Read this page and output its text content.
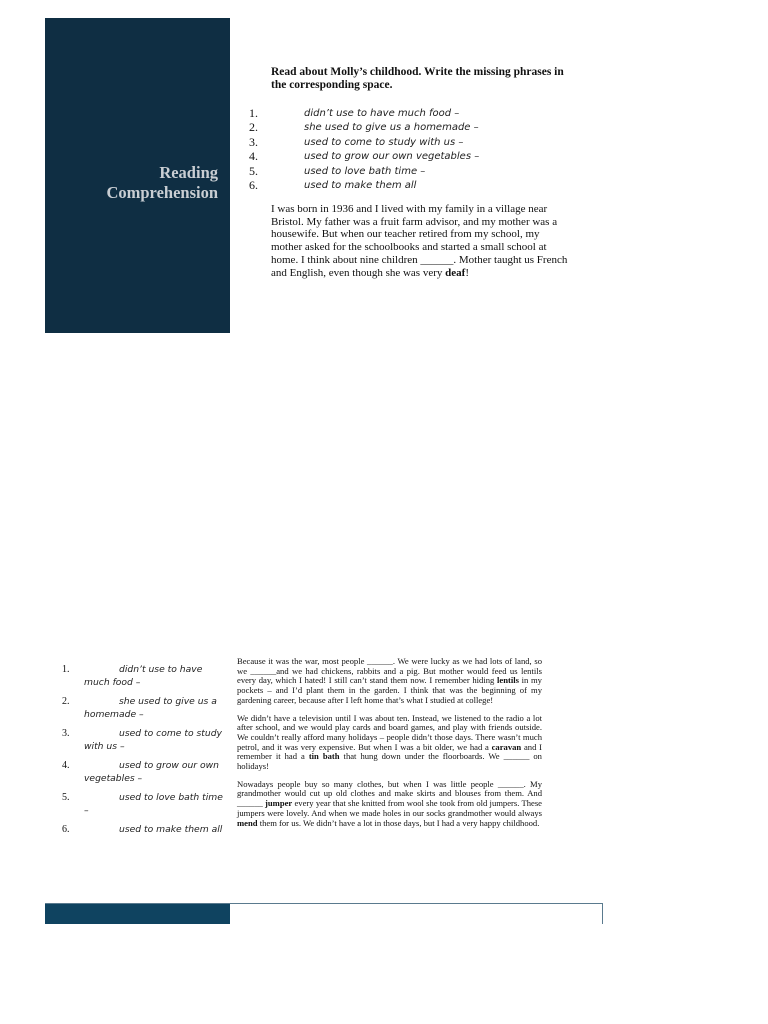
Reading
Comprehension

Read about Molly’s childhood. Write the missing phrases in the corresponding space.

1.	didn’t use to have much food –
2.	she used to give us a homemade –
3.	used to come to study with us –
4.	used to grow our own vegetables –
5.	used to love bath time –
6.	used to make them all

I was born in 1936 and I lived with my family in a village near Bristol. My father was a fruit farm advisor, and my mother was a housewife. But when our teacher retired from my school, my mother asked for the schoolbooks and started a small school at home. I think about nine children ______. Mother taught us French and English, even though she was very deaf!

1.	didn’t use to have much food –
2.	she used to give us a homemade –
3.	used to come to study with us –
4.	used to grow our own vegetables –
5.	used to love bath time –
6.	used to make them all

Because it was the war, most people ______. We were lucky as we had lots of land, so we ______and we had chickens, rabbits and a pig. But mother would feed us lentils every day, which I hated! I still can’t stand them now. I remember hiding lentils in my pockets – and I’d plant them in the garden. I think that was the beginning of my gardening career, because after I left home that’s what I studied at college!

We didn’t have a television until I was about ten. Instead, we listened to the radio a lot after school, and we would play cards and board games, and play with friends outside. We couldn’t really afford many holidays – people didn’t those days. There wasn’t much petrol, and it was very expensive. But when I was a bit older, we had a caravan and I remember it had a tin bath that hung down under the floorboards. We ______ on holidays!

Nowadays people buy so many clothes, but when I was little people ______. My grandmother would cut up old clothes and make skirts and blouses from them. And ______ jumper every year that she knitted from wool she took from old jumpers. These jumpers were lovely. And when we made holes in our socks grandmother would always mend them for us. We didn’t have a lot in those days, but I had a very happy childhood.
